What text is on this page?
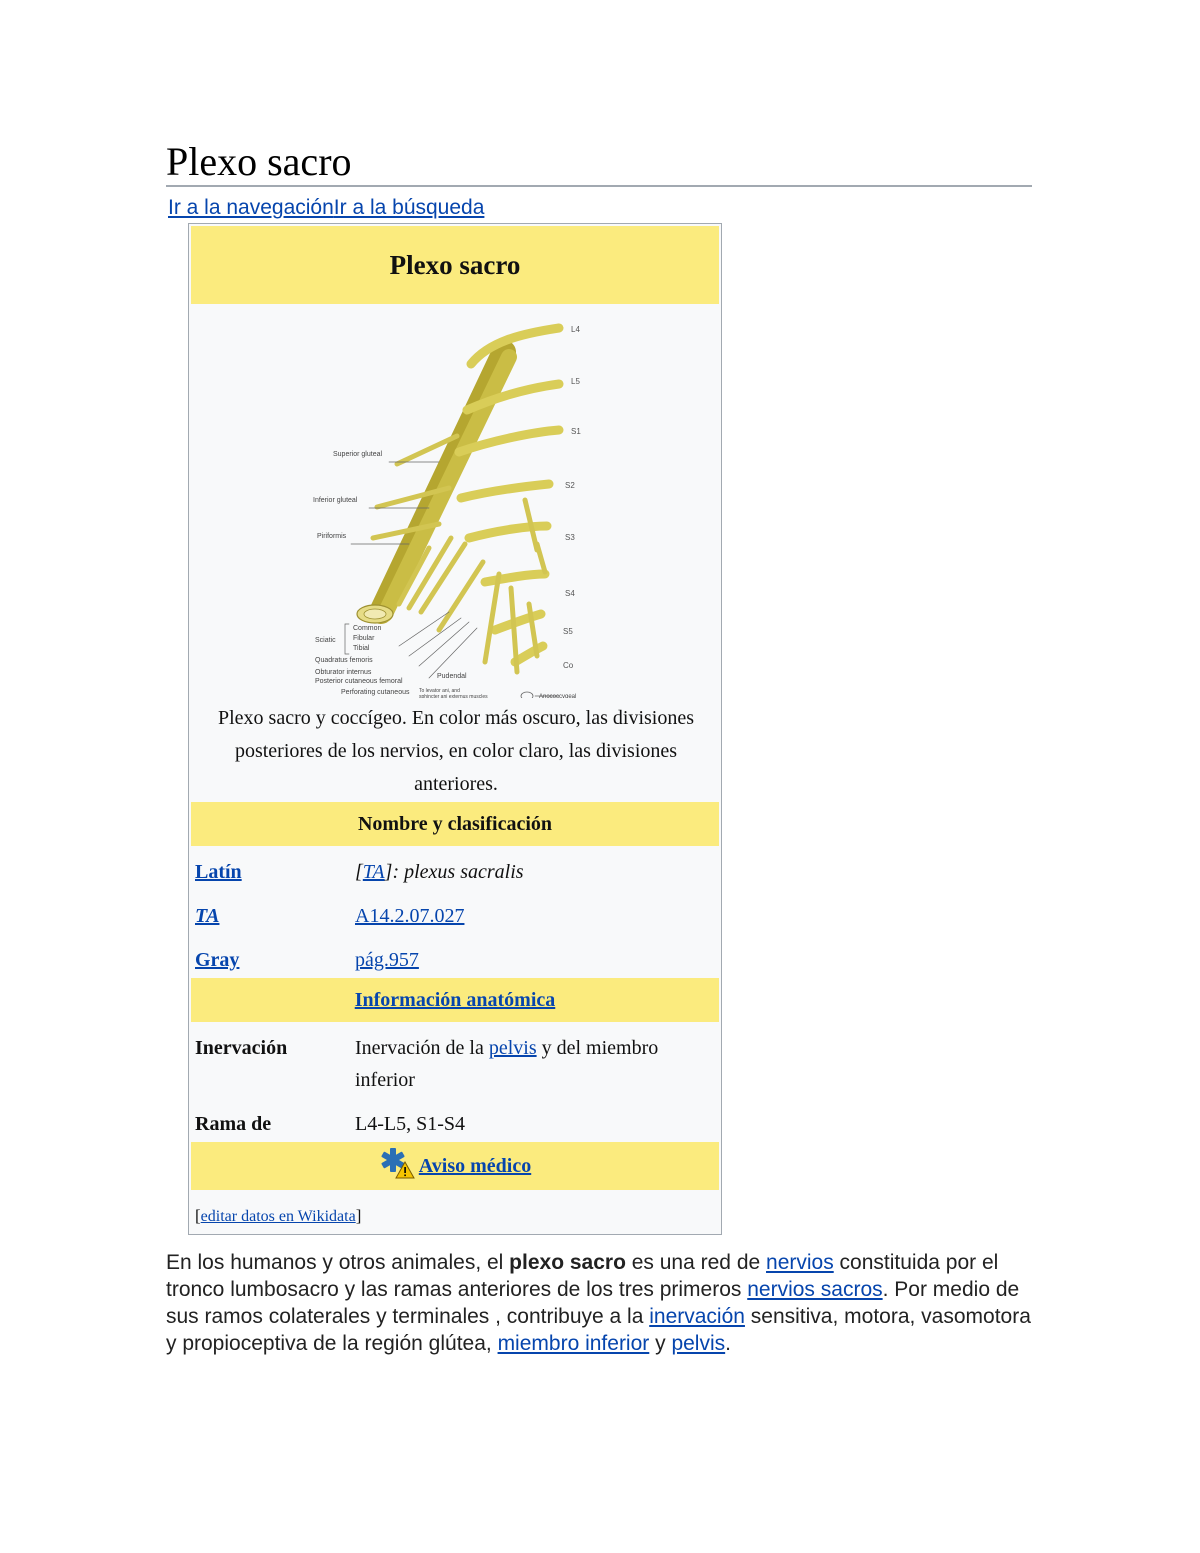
Plexo sacro
Ir a la navegaciónIr a la búsqueda
Plexo sacro
L4
L5
S1
S2
S3
S4
S5
Co
Superior gluteal
Inferior gluteal
Piriformis
Sciatic
Common
Fibular
Tibial
Quadratus femoris
Obturator internus
Posterior cutaneous femoral
Perforating cutaneous
Pudendal
To levator ani, and
sphincter ani externus muscles	Anococcygeal
Plexo sacro y coccígeo. En color más oscuro, las divisiones posteriores de los nervios, en color claro, las divisiones anteriores.
Nombre y clasificación
Latín	[TA]: plexus sacralis
TA	A14.2.07.027
Gray	pág.957
Información anatómica
Inervación	Inervación de la pelvis y del miembro inferior
Rama de	L4-L5, S1-S4
Aviso médico
[editar datos en Wikidata]

En los humanos y otros animales, el plexo sacro es una red de nervios constituida por el tronco lumbosacro y las ramas anteriores de los tres primeros nervios sacros. Por medio de sus ramos colaterales y terminales , contribuye a la inervación sensitiva, motora, vasomotora y propioceptiva de la región glútea, miembro inferior y pelvis.
